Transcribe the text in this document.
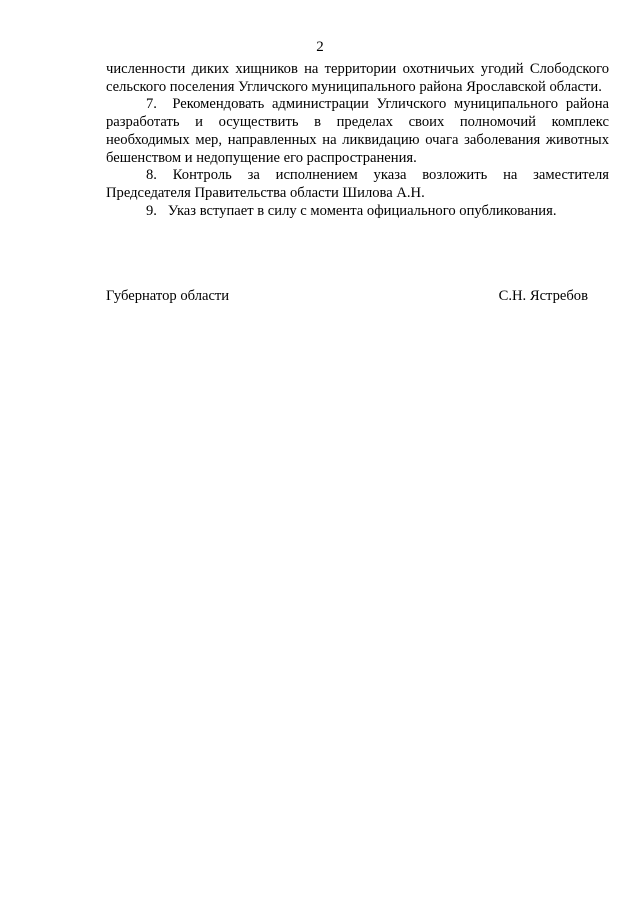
2

численности диких хищников на территории охотничьих угодий Слободского сельского поселения Угличского муниципального района Ярославской области.

7.  Рекомендовать администрации Угличского муниципального района разработать и осуществить в пределах своих полномочий комплекс необходимых мер, направленных на ликвидацию очага заболевания животных бешенством и недопущение его распространения.

8. Контроль за исполнением указа возложить на заместителя Председателя Правительства области Шилова А.Н.

9.   Указ вступает в силу с момента официального опубликования.

Губернатор области	С.Н. Ястребов
